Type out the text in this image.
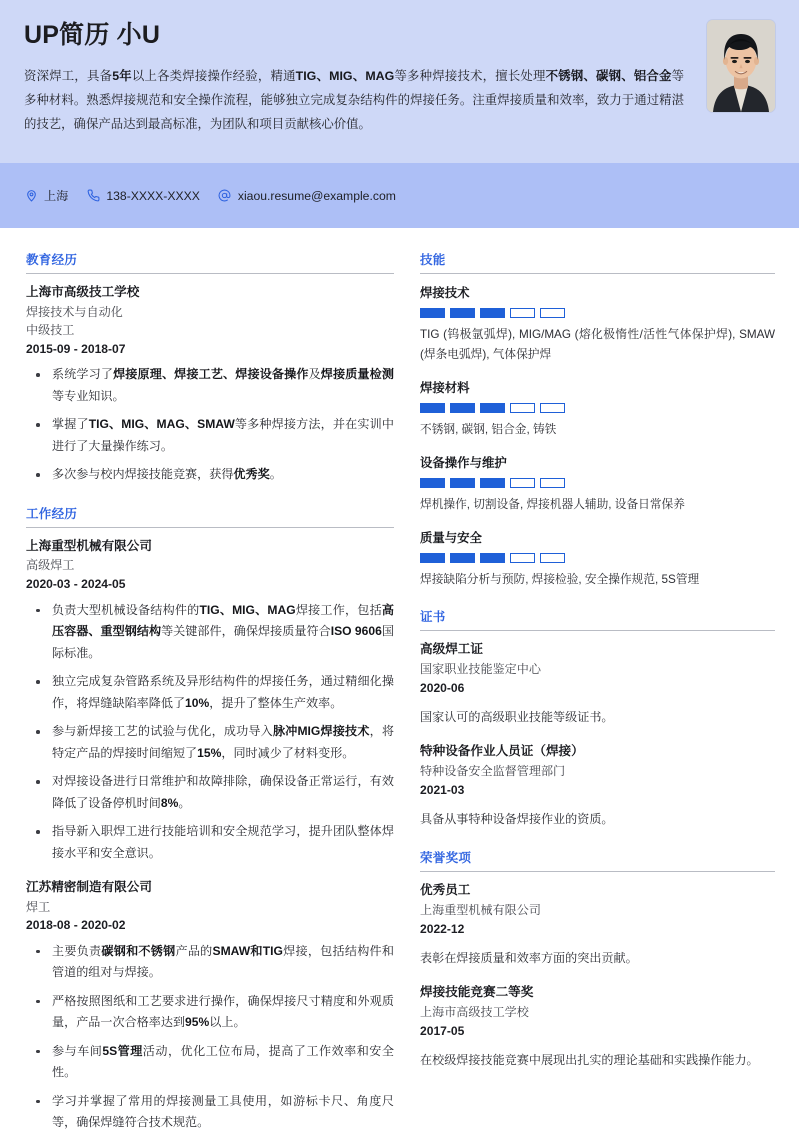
UP简历 小U
资深焊工，具备5年以上各类焊接操作经验，精通TIG、MIG、MAG等多种焊接技术，擅长处理不锈钢、碳钢、铝合金等多种材料。熟悉焊接规范和安全操作流程，能够独立完成复杂结构件的焊接任务。注重焊接质量和效率，致力于通过精湛的技艺，确保产品达到最高标准，为团队和项目贡献核心价值。
上海	138-XXXX-XXXX	xiaou.resume@example.com
教育经历
上海市高级技工学校
焊接技术与自动化
中级技工
2015-09 - 2018-07
系统学习了焊接原理、焊接工艺、焊接设备操作及焊接质量检测等专业知识。
掌握了TIG、MIG、MAG、SMAW等多种焊接方法，并在实训中进行了大量操作练习。
多次参与校内焊接技能竞赛，获得优秀奖。
工作经历
上海重型机械有限公司
高级焊工
2020-03 - 2024-05
负责大型机械设备结构件的TIG、MIG、MAG焊接工作，包括高压容器、重型钢结构等关键部件，确保焊接质量符合ISO 9606国际标准。
独立完成复杂管路系统及异形结构件的焊接任务，通过精细化操作，将焊缝缺陷率降低了10%，提升了整体生产效率。
参与新焊接工艺的试验与优化，成功导入脉冲MIG焊接技术，将特定产品的焊接时间缩短了15%，同时减少了材料变形。
对焊接设备进行日常维护和故障排除，确保设备正常运行，有效降低了设备停机时间8%。
指导新入职焊工进行技能培训和安全规范学习，提升团队整体焊接水平和安全意识。
江苏精密制造有限公司
焊工
2018-08 - 2020-02
主要负责碳钢和不锈钢产品的SMAW和TIG焊接，包括结构件和管道的组对与焊接。
严格按照图纸和工艺要求进行操作，确保焊接尺寸精度和外观质量，产品一次合格率达到95%以上。
参与车间5S管理活动，优化工位布局，提高了工作效率和安全性。
学习并掌握了常用的焊接测量工具使用，如游标卡尺、角度尺等，确保焊缝符合技术规范。
技能
焊接技术
TIG (钨极氩弧焊), MIG/MAG (熔化极惰性/活性气体保护焊), SMAW (焊条电弧焊), 气体保护焊
焊接材料
不锈钢, 碳钢, 铝合金, 铸铁
设备操作与维护
焊机操作, 切割设备, 焊接机器人辅助, 设备日常保养
质量与安全
焊接缺陷分析与预防, 焊接检验, 安全操作规范, 5S管理
证书
高级焊工证
国家职业技能鉴定中心
2020-06
国家认可的高级职业技能等级证书。
特种设备作业人员证（焊接）
特种设备安全监督管理部门
2021-03
具备从事特种设备焊接作业的资质。
荣誉奖项
优秀员工
上海重型机械有限公司
2022-12
表彰在焊接质量和效率方面的突出贡献。
焊接技能竞赛二等奖
上海市高级技工学校
2017-05
在校级焊接技能竞赛中展现出扎实的理论基础和实践操作能力。
